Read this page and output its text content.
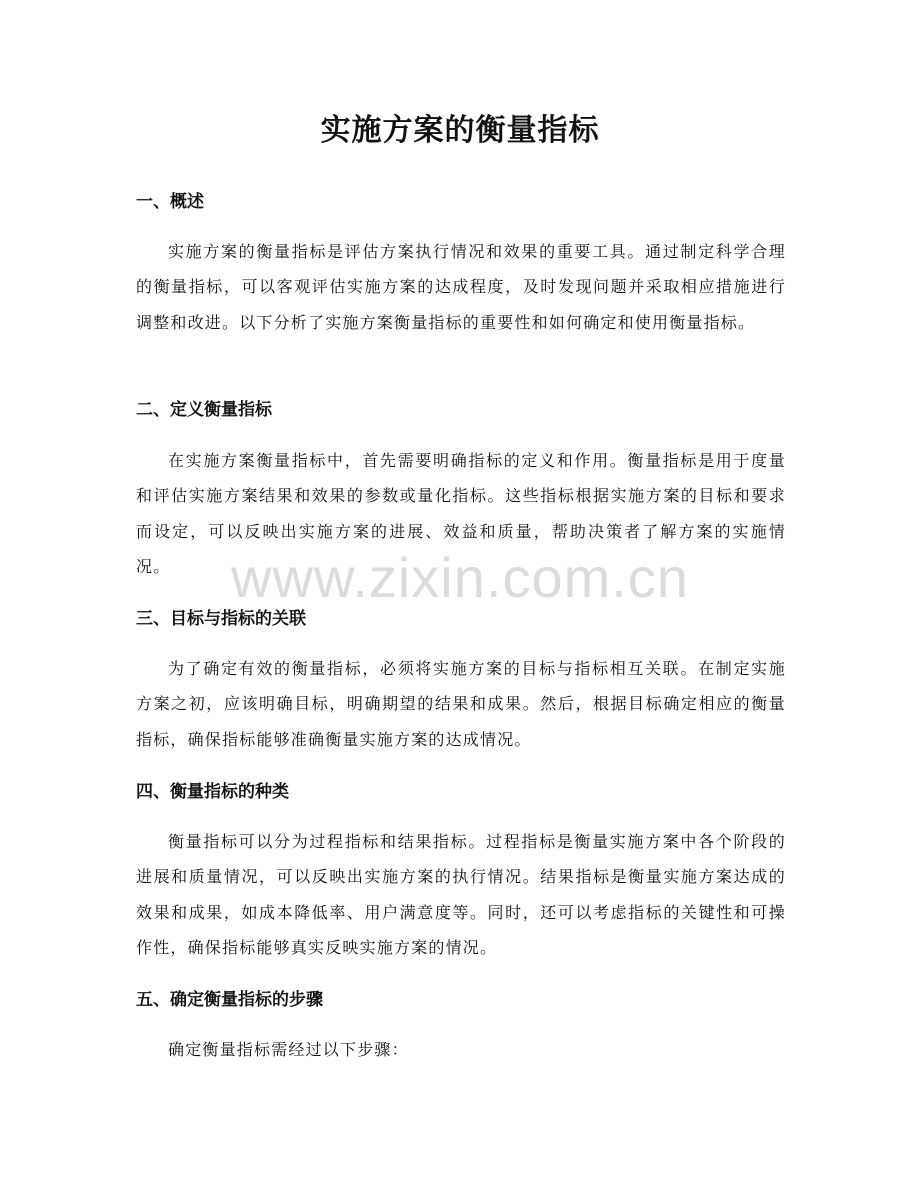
实施方案的衡量指标
一、概述

实施方案的衡量指标是评估方案执行情况和效果的重要工具。通过制定科学合理的衡量指标，可以客观评估实施方案的达成程度，及时发现问题并采取相应措施进行调整和改进。以下分析了实施方案衡量指标的重要性和如何确定和使用衡量指标。

二、定义衡量指标

在实施方案衡量指标中，首先需要明确指标的定义和作用。衡量指标是用于度量和评估实施方案结果和效果的参数或量化指标。这些指标根据实施方案的目标和要求而设定，可以反映出实施方案的进展、效益和质量，帮助决策者了解方案的实施情况。

三、目标与指标的关联

为了确定有效的衡量指标，必须将实施方案的目标与指标相互关联。在制定实施方案之初，应该明确目标，明确期望的结果和成果。然后，根据目标确定相应的衡量指标，确保指标能够准确衡量实施方案的达成情况。

四、衡量指标的种类

衡量指标可以分为过程指标和结果指标。过程指标是衡量实施方案中各个阶段的进展和质量情况，可以反映出实施方案的执行情况。结果指标是衡量实施方案达成的效果和成果，如成本降低率、用户满意度等。同时，还可以考虑指标的关键性和可操作性，确保指标能够真实反映实施方案的情况。

五、确定衡量指标的步骤

确定衡量指标需经过以下步骤：

www.zixin.com.cn
